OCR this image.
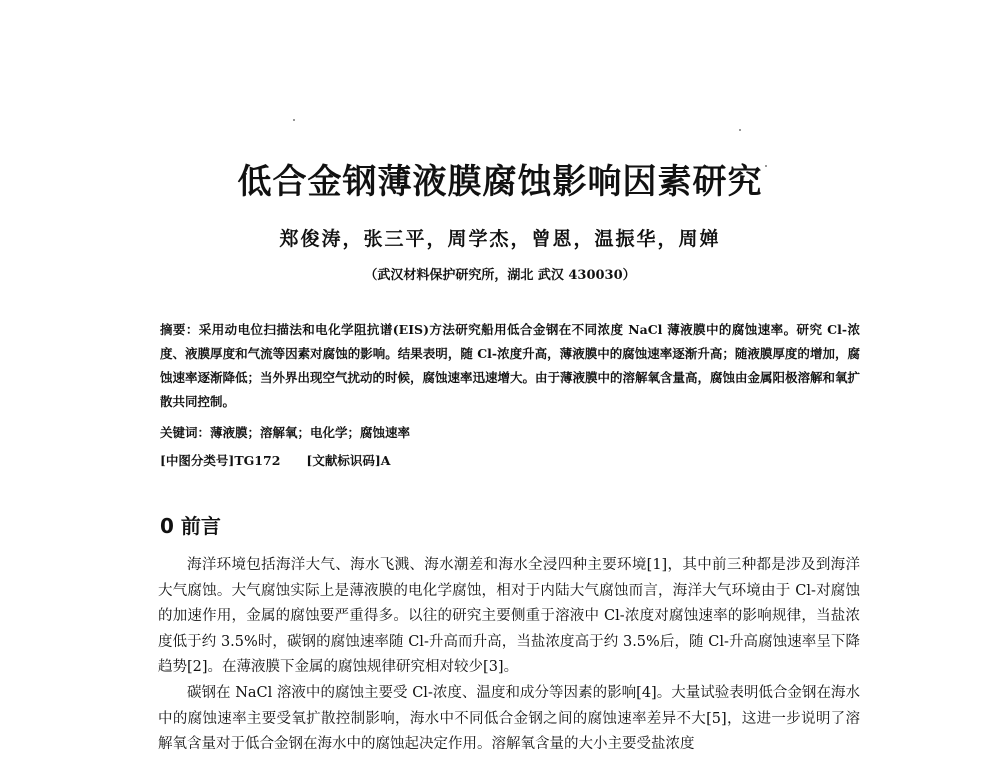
低合金钢薄液膜腐蚀影响因素研究
郑俊涛，张三平，周学杰，曾恩，温振华，周婵
（武汉材料保护研究所，湖北 武汉 430030）
摘要：采用动电位扫描法和电化学阻抗谱(EIS)方法研究船用低合金钢在不同浓度 NaCl 薄液膜中的腐蚀速率。研究 Cl-浓度、液膜厚度和气流等因素对腐蚀的影响。结果表明，随 Cl-浓度升高，薄液膜中的腐蚀速率逐渐升高；随液膜厚度的增加，腐蚀速率逐渐降低；当外界出现空气扰动的时候，腐蚀速率迅速增大。由于薄液膜中的溶解氧含量高，腐蚀由金属阳极溶解和氧扩散共同控制。
关键词：薄液膜；溶解氧；电化学；腐蚀速率
[中图分类号]TG172 [文献标识码]A
0 前言

海洋环境包括海洋大气、海水飞溅、海水潮差和海水全浸四种主要环境[1]，其中前三种都是涉及到海洋大气腐蚀。大气腐蚀实际上是薄液膜的电化学腐蚀，相对于内陆大气腐蚀而言，海洋大气环境由于 Cl-对腐蚀的加速作用，金属的腐蚀要严重得多。以往的研究主要侧重于溶液中 Cl-浓度对腐蚀速率的影响规律，当盐浓度低于约 3.5%时，碳钢的腐蚀速率随 Cl-升高而升高，当盐浓度高于约 3.5%后，随 Cl-升高腐蚀速率呈下降趋势[2]。在薄液膜下金属的腐蚀规律研究相对较少[3]。

碳钢在 NaCl 溶液中的腐蚀主要受 Cl-浓度、温度和成分等因素的影响[4]。大量试验表明低合金钢在海水中的腐蚀速率主要受氧扩散控制影响，海水中不同低合金钢之间的腐蚀速率差异不大[5]，这进一步说明了溶解氧含量对于低合金钢在海水中的腐蚀起决定作用。溶解氧含量的大小主要受盐浓度
